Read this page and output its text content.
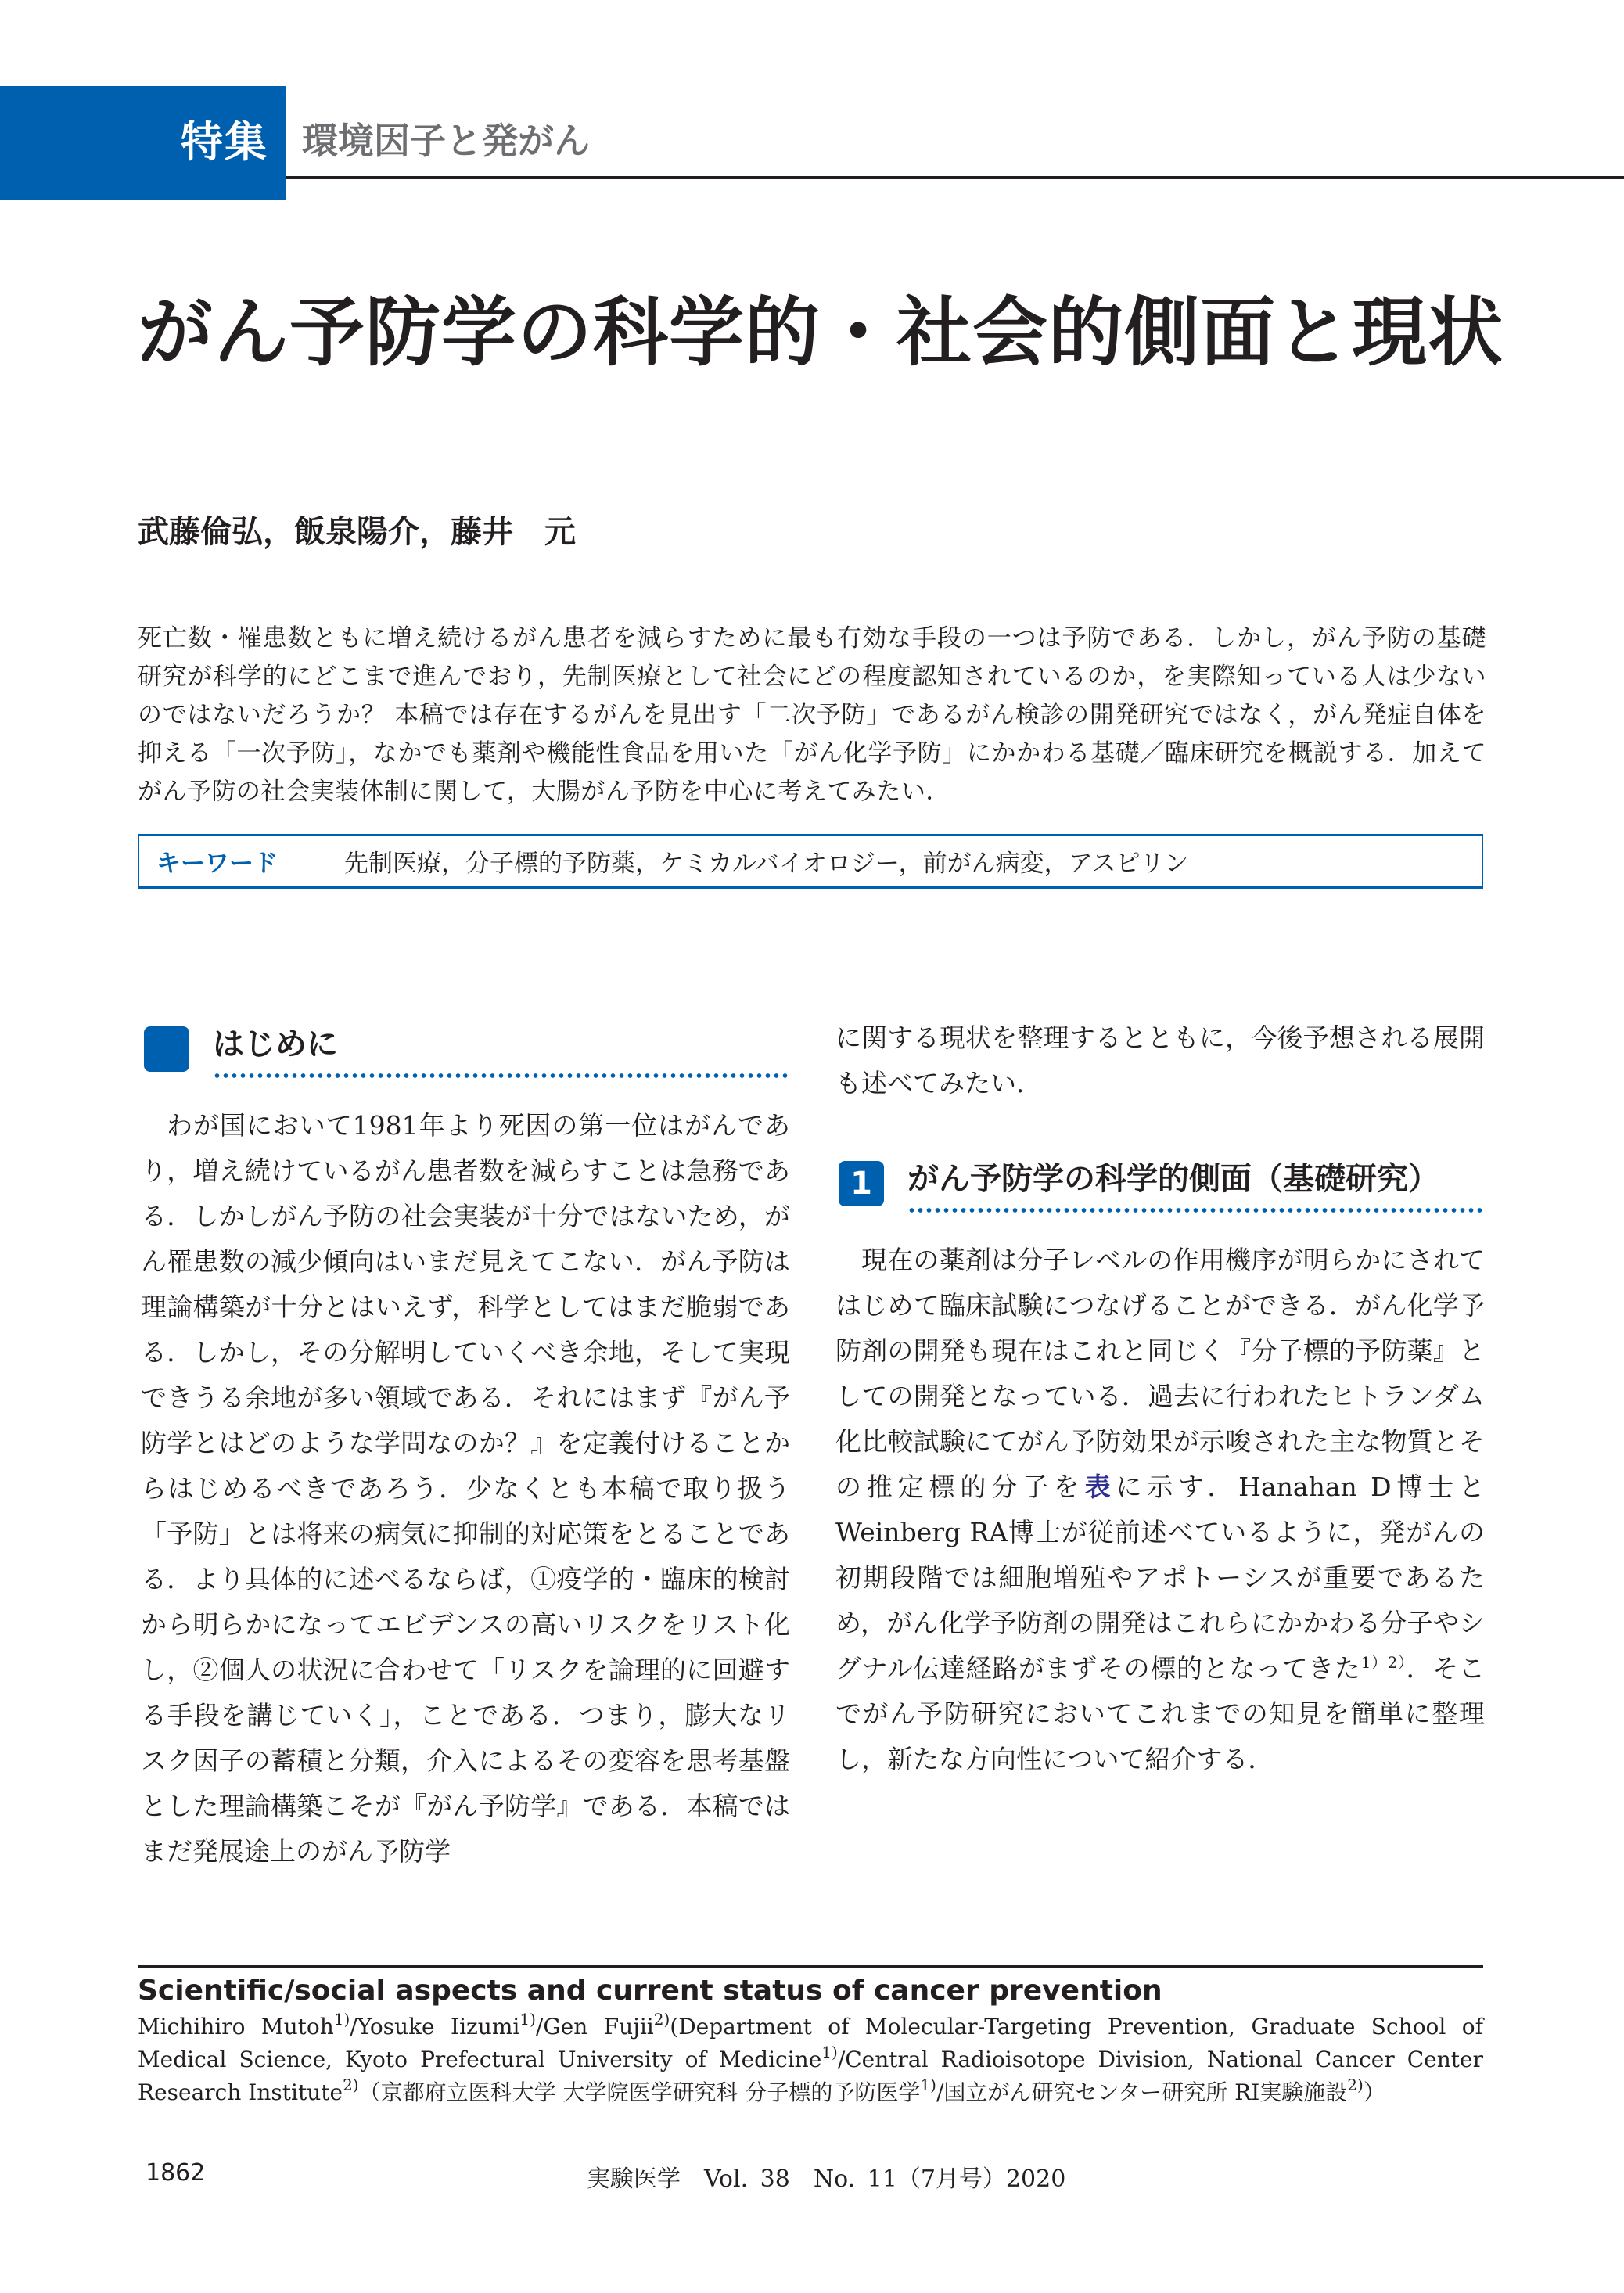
特集 環境因子と発がん
がん予防学の科学的・社会的側面と現状
武藤倫弘，飯泉陽介，藤井　元
死亡数・罹患数ともに増え続けるがん患者を減らすために最も有効な手段の一つは予防である．しかし，がん予防の基礎研究が科学的にどこまで進んでおり，先制医療として社会にどの程度認知されているのか，を実際知っている人は少ないのではないだろうか？ 本稿では存在するがんを見出す「二次予防」であるがん検診の開発研究ではなく，がん発症自体を抑える「一次予防」，なかでも薬剤や機能性食品を用いた「がん化学予防」にかかわる基礎／臨床研究を概説する．加えてがん予防の社会実装体制に関して，大腸がん予防を中心に考えてみたい．
キーワード	先制医療， 分子標的予防薬， ケミカルバイオロジー， 前がん病変， アスピリン
はじめに

わが国において1981年より死因の第一位はがんであり，増え続けているがん患者数を減らすことは急務である．しかしがん予防の社会実装が十分ではないため，がん罹患数の減少傾向はいまだ見えてこない．がん予防は理論構築が十分とはいえず，科学としてはまだ脆弱である．しかし，その分解明していくべき余地，そして実現できうる余地が多い領域である．それにはまず『がん予防学とはどのような学問なのか？』を定義付けることからはじめるべきであろう．少なくとも本稿で取り扱う「予防」とは将来の病気に抑制的対応策をとることである．より具体的に述べるならば，①疫学的・臨床的検討から明らかになってエビデンスの高いリスクをリスト化し，②個人の状況に合わせて「リスクを論理的に回避する手段を講じていく」，ことである．つまり，膨大なリスク因子の蓄積と分類，介入によるその変容を思考基盤とした理論構築こそが『がん予防学』である．本稿ではまだ発展途上のがん予防学

に関する現状を整理するとともに，今後予想される展開も述べてみたい．

1	がん予防学の科学的側面（基礎研究）

現在の薬剤は分子レベルの作用機序が明らかにされてはじめて臨床試験につなげることができる．がん化学予防剤の開発も現在はこれと同じく『分子標的予防薬』としての開発となっている．過去に行われたヒトランダム化比較試験にてがん予防効果が示唆された主な物質とその推定標的分子を表に示す．Hanahan D博士と Weinberg RA博士が従前述べているように，発がんの初期段階では細胞増殖やアポトーシスが重要であるため，がん化学予防剤の開発はこれらにかかわる分子やシグナル伝達経路がまずその標的となってきた$^{1)2)}$．そこでがん予防研究においてこれまでの知見を簡単に整理し，新たな方向性について紹介する．

Scientific/social aspects and current status of cancer prevention
Michihiro Mutoh$^{1)}$/Yosuke Iizumi$^{1)}$/Gen Fujii$^{2)}$(Department of Molecular-Targeting Prevention, Graduate School of Medical Science, Kyoto Prefectural University of Medicine$^{1)}$/Central Radioisotope Division, National Cancer Center Research Institute$^{2)}$（京都府立医科大学 大学院医学研究科 分子標的予防医学$^{1)}$/国立がん研究センター研究所 RI実験施設$^{2)}$）
1862	実験医学　Vol. 38　No. 11（7月号）2020
